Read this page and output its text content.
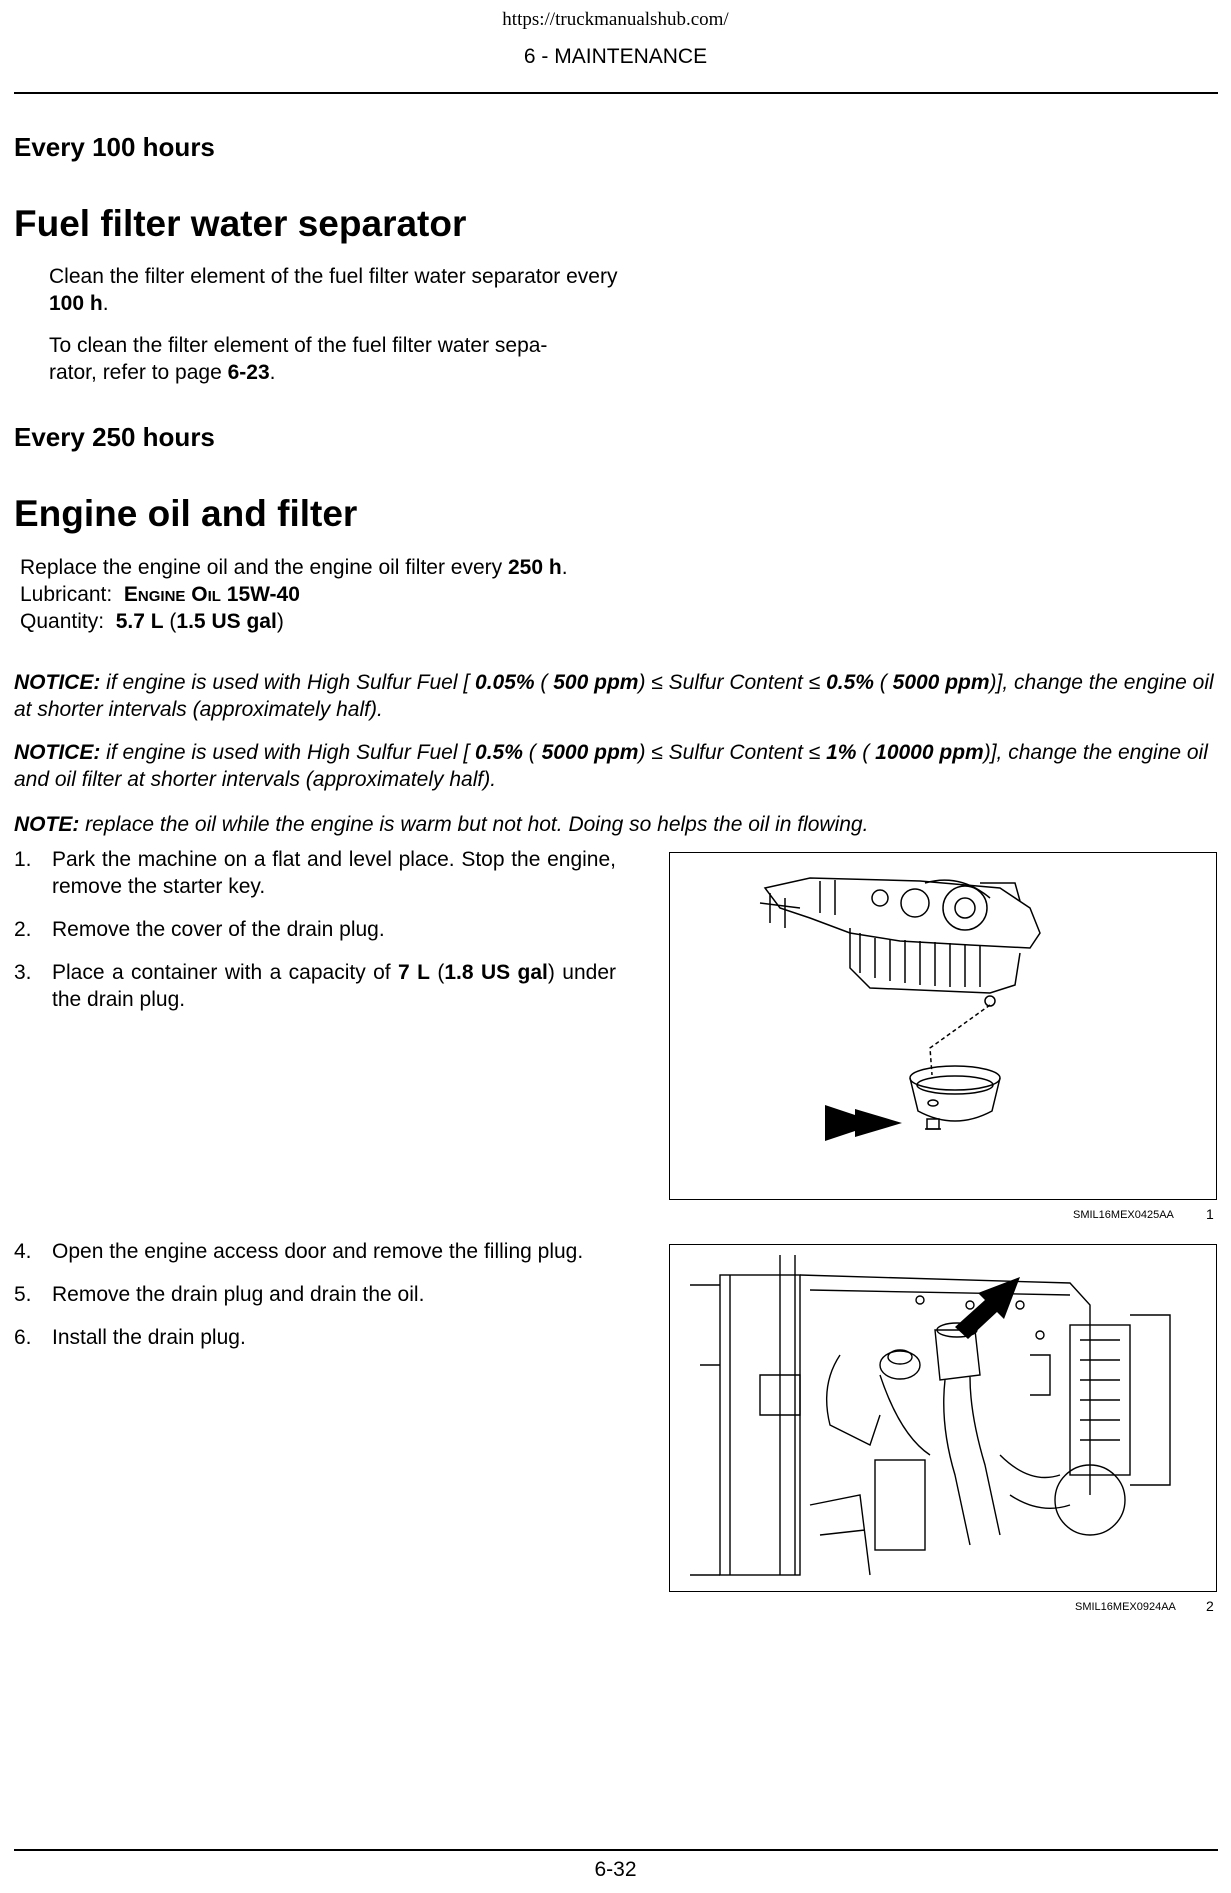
https://truckmanualshub.com/
6 - MAINTENANCE
Every 100 hours
Fuel filter water separator
Clean the filter element of the fuel filter water separator every 100 h.
To clean the filter element of the fuel filter water sepa-
rator, refer to page 6-23.
Every 250 hours
Engine oil and filter
Replace the engine oil and the engine oil filter every 250 h.
Lubricant: Engine Oil 15W-40
Quantity: 5.7 L (1.5 US gal)
NOTICE: if engine is used with High Sulfur Fuel [ 0.05% ( 500 ppm) ≤ Sulfur Content ≤ 0.5% ( 5000 ppm)], change the engine oil at shorter intervals (approximately half).
NOTICE: if engine is used with High Sulfur Fuel [ 0.5% ( 5000 ppm) ≤ Sulfur Content ≤ 1% ( 10000 ppm)], change the engine oil and oil filter at shorter intervals (approximately half).
NOTE: replace the oil while the engine is warm but not hot. Doing so helps the oil in flowing.
1. Park the machine on a flat and level place. Stop the engine, remove the starter key.
2. Remove the cover of the drain plug.
3. Place a container with a capacity of 7 L (1.8 US gal) under the drain plug.
SMIL16MEX0425AA 1
4. Open the engine access door and remove the filling plug.
5. Remove the drain plug and drain the oil.
6. Install the drain plug.
SMIL16MEX0924AA 2
6-32
